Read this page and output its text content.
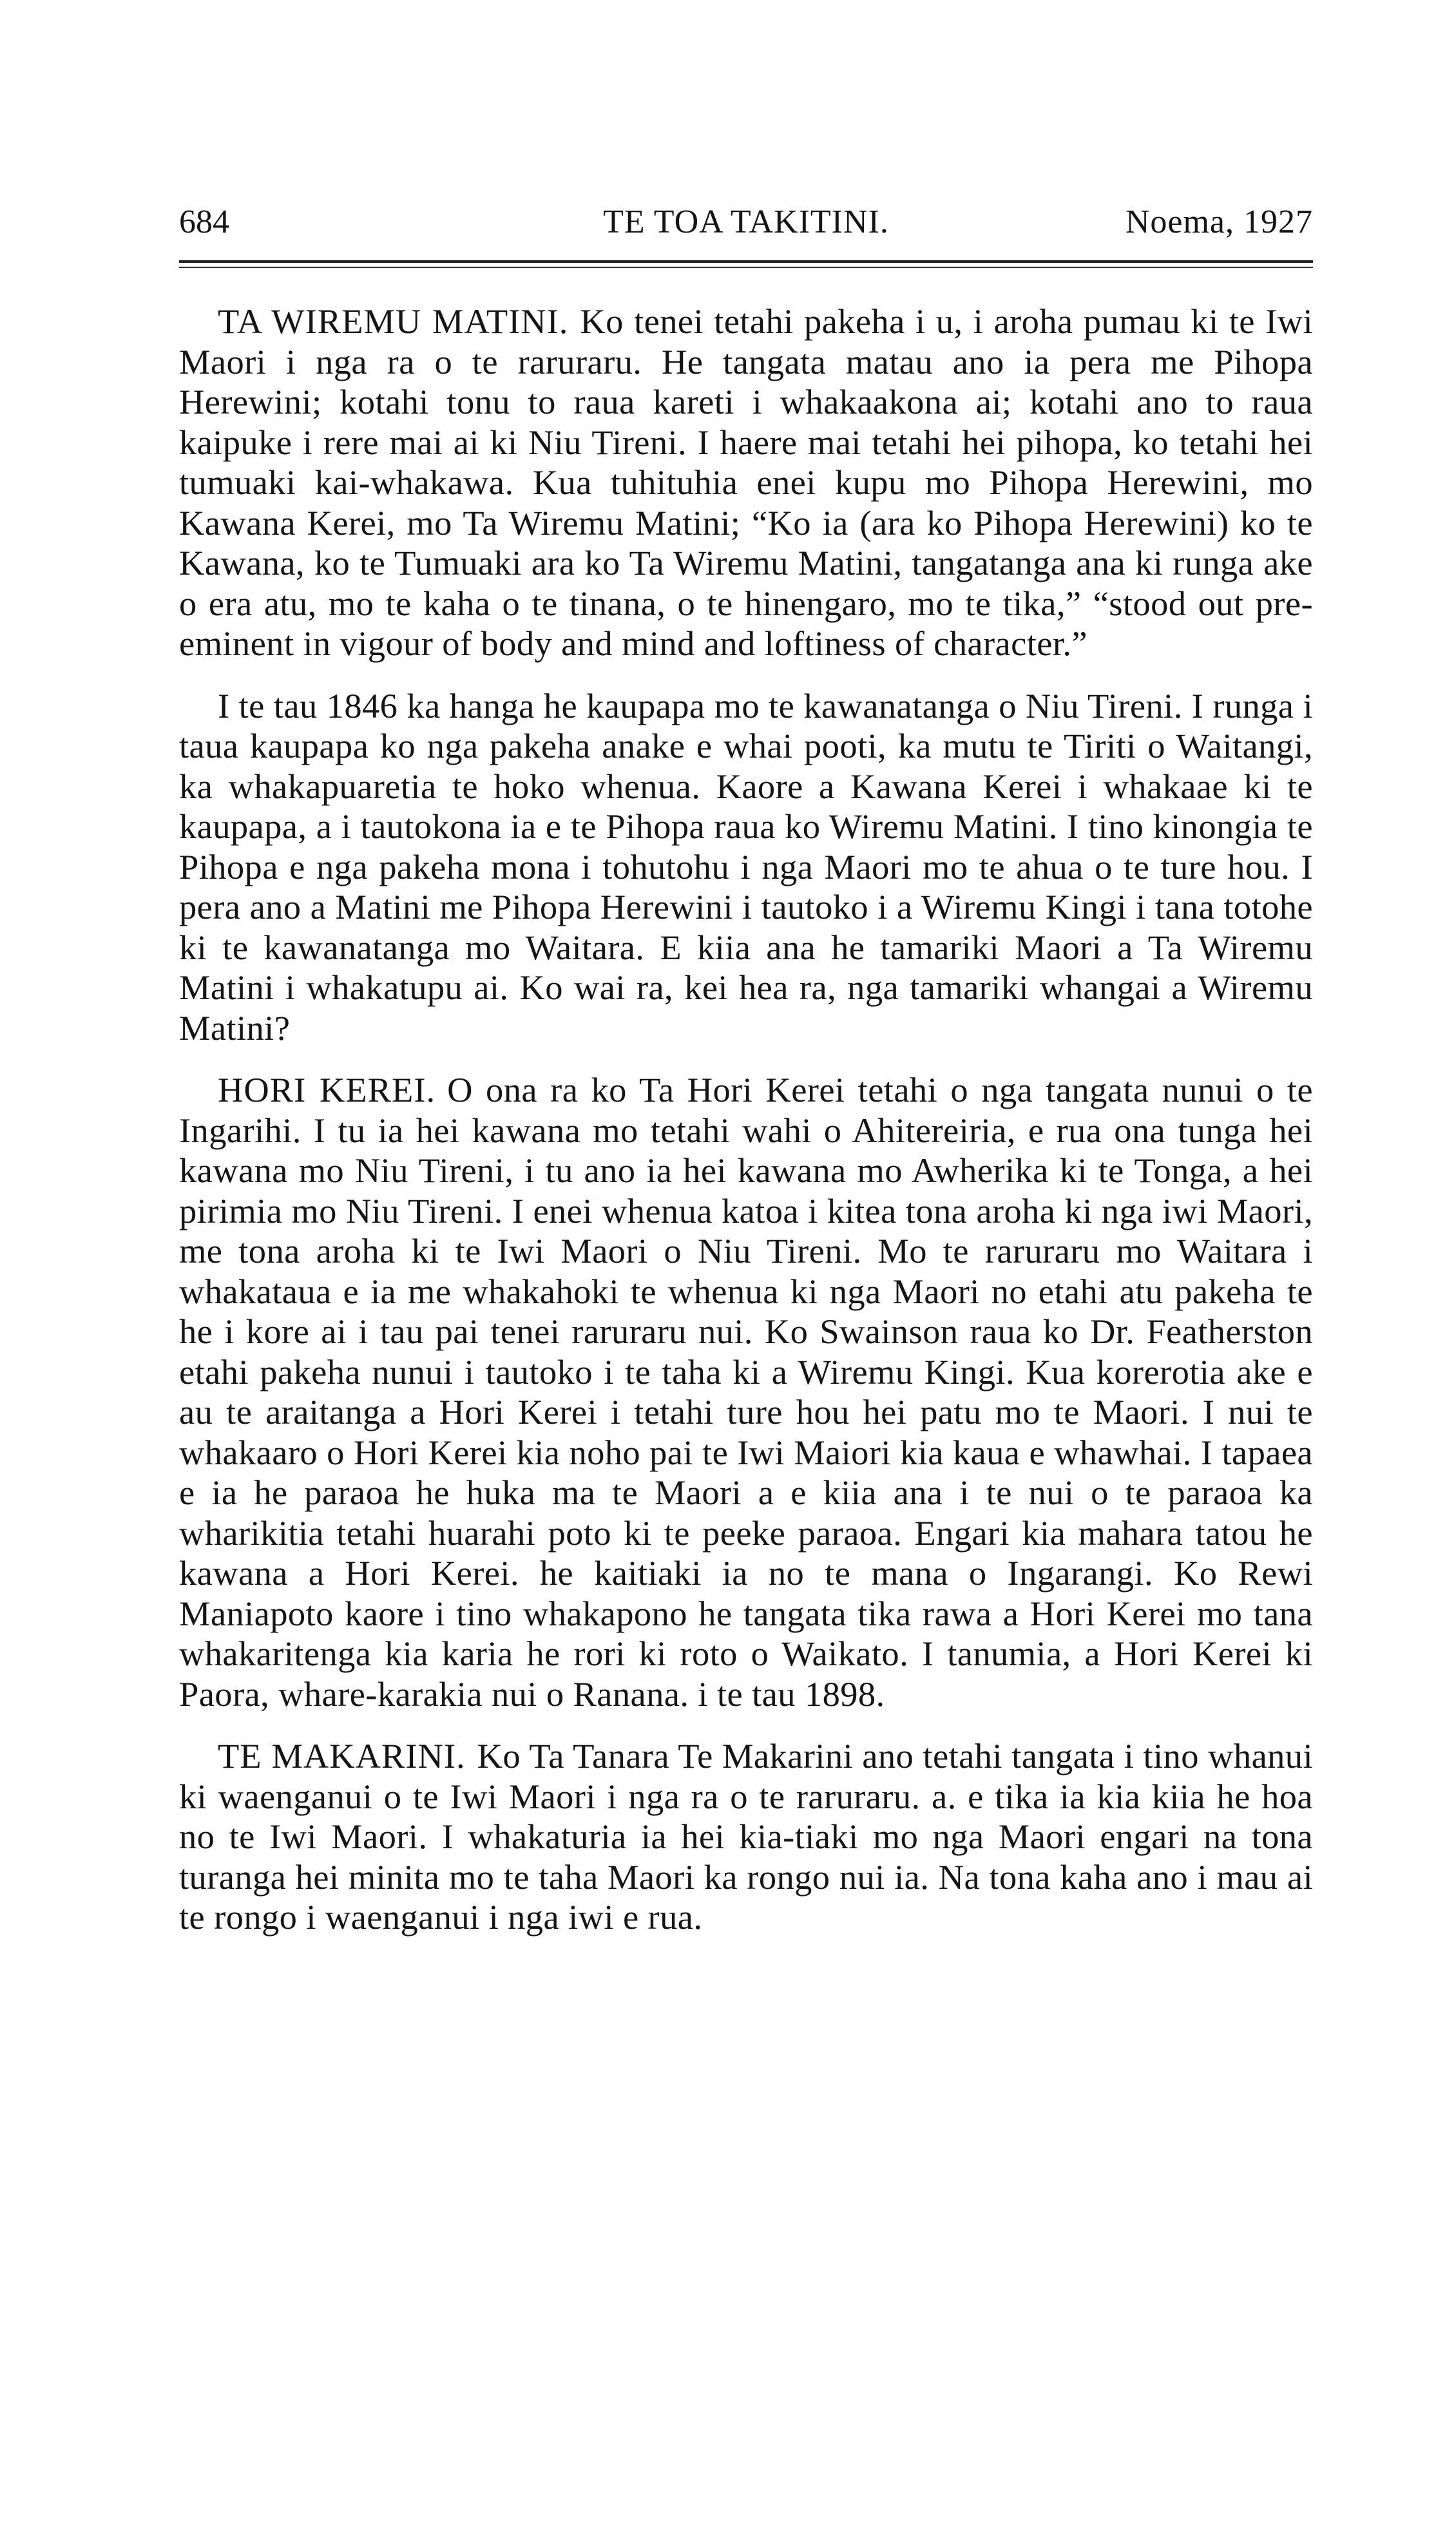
684	TE TOA TAKITINI.	Noema, 1927

TA WIREMU MATINI. Ko tenei tetahi pakeha i u, i aroha pumau ki te Iwi Maori i nga ra o te raruraru. He tangata matau ano ia pera me Pihopa Herewini; kotahi tonu to raua kareti i whakaakona ai; kotahi ano to raua kaipuke i rere mai ai ki Niu Tireni. I haere mai tetahi hei pihopa, ko tetahi hei tumuaki kai-whakawa. Kua tuhituhia enei kupu mo Pihopa Herewini, mo Kawana Kerei, mo Ta Wiremu Matini; “Ko ia (ara ko Pihopa Herewini) ko te Kawana, ko te Tumuaki ara ko Ta Wiremu Matini, tangatanga ana ki runga ake o era atu, mo te kaha o te tinana, o te hinengaro, mo te tika,” “stood out pre-eminent in vigour of body and mind and loftiness of character.”

I te tau 1846 ka hanga he kaupapa mo te kawanatanga o Niu Tireni. I runga i taua kaupapa ko nga pakeha anake e whai pooti, ka mutu te Tiriti o Waitangi, ka whakapuaretia te hoko whenua. Kaore a Kawana Kerei i whakaae ki te kaupapa, a i tautokona ia e te Pihopa raua ko Wiremu Matini. I tino kinongia te Pihopa e nga pakeha mona i tohutohu i nga Maori mo te ahua o te ture hou. I pera ano a Matini me Pihopa Herewini i tautoko i a Wiremu Kingi i tana totohe ki te kawanatanga mo Waitara. E kiia ana he tamariki Maori a Ta Wiremu Matini i whakatupu ai. Ko wai ra, kei hea ra, nga tamariki whangai a Wiremu Matini?

HORI KEREI. O ona ra ko Ta Hori Kerei tetahi o nga tangata nunui o te Ingarihi. I tu ia hei kawana mo tetahi wahi o Ahitereiria, e rua ona tunga hei kawana mo Niu Tireni, i tu ano ia hei kawana mo Awherika ki te Tonga, a hei pirimia mo Niu Tireni. I enei whenua katoa i kitea tona aroha ki nga iwi Maori, me tona aroha ki te Iwi Maori o Niu Tireni. Mo te raruraru mo Waitara i whakataua e ia me whakahoki te whenua ki nga Maori no etahi atu pakeha te he i kore ai i tau pai tenei raruraru nui. Ko Swainson raua ko Dr. Featherston etahi pakeha nunui i tautoko i te taha ki a Wiremu Kingi. Kua korerotia ake e au te araitanga a Hori Kerei i tetahi ture hou hei patu mo te Maori. I nui te whakaaro o Hori Kerei kia noho pai te Iwi Maiori kia kaua e whawhai. I tapaea e ia he paraoa he huka ma te Maori a e kiia ana i te nui o te paraoa ka wharikitia tetahi huarahi poto ki te peeke paraoa. Engari kia mahara tatou he kawana a Hori Kerei. he kaitiaki ia no te mana o Ingarangi. Ko Rewi Maniapoto kaore i tino whakapono he tangata tika rawa a Hori Kerei mo tana whakaritenga kia karia he rori ki roto o Waikato. I tanumia, a Hori Kerei ki Paora, whare-karakia nui o Ranana. i te tau 1898.

TE MAKARINI. Ko Ta Tanara Te Makarini ano tetahi tangata i tino whanui ki waenganui o te Iwi Maori i nga ra o te raruraru. a. e tika ia kia kiia he hoa no te Iwi Maori. I whakaturia ia hei kia-tiaki mo nga Maori engari na tona turanga hei minita mo te taha Maori ka rongo nui ia. Na tona kaha ano i mau ai te rongo i waenganui i nga iwi e rua.
